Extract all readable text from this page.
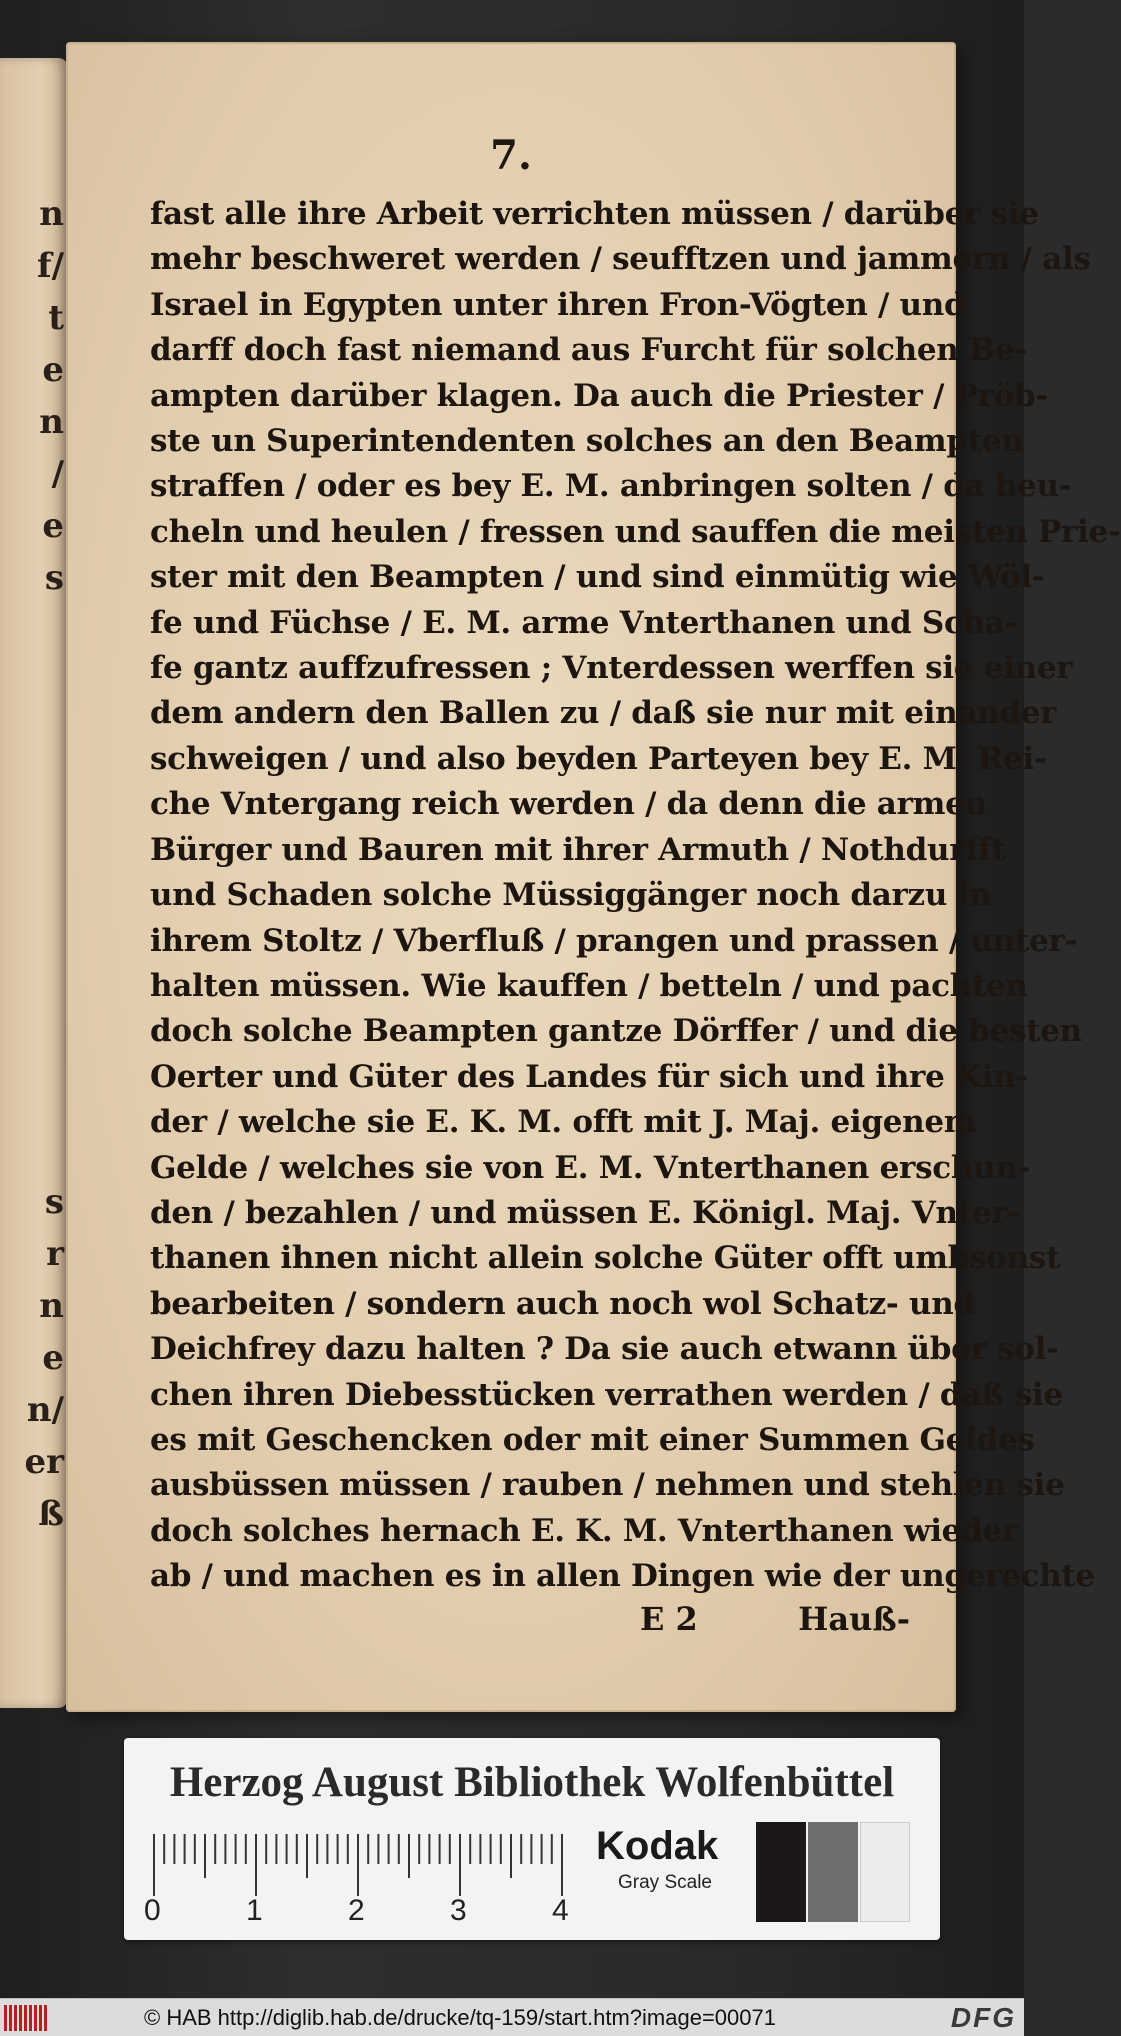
n
f/
t
e
n
/
e
s

s
r
n
e
n/
er
ß
7.
fast alle ihre Arbeit verrichten müssen / darüber sie
mehr beschweret werden / seufftzen und jammern / als
Israel in Egypten unter ihren Fron-Vögten / und
darff doch fast niemand aus Furcht für solchen Be-
ampten darüber klagen. Da auch die Priester / Pröb-
ste un Superintendenten solches an den Beampten
straffen / oder es bey E. M. anbringen solten / da heu-
cheln und heulen / fressen und sauffen die meisten Prie-
ster mit den Beampten / und sind einmütig wie Wöl-
fe und Füchse / E. M. arme Vnterthanen und Scha-
fe gantz auffzufressen ; Vnterdessen werffen sie einer
dem andern den Ballen zu / daß sie nur mit einander
schweigen / und also beyden Parteyen bey E. M. Rei-
che Vntergang reich werden / da denn die armen
Bürger und Bauren mit ihrer Armuth / Nothdurfft
und Schaden solche Müssiggänger noch darzu in
ihrem Stoltz / Vberfluß / prangen und prassen / unter-
halten müssen. Wie kauffen / betteln / und pachten
doch solche Beampten gantze Dörffer / und die besten
Oerter und Güter des Landes für sich und ihre Kin-
der / welche sie E. K. M. offt mit J. Maj. eigenem
Gelde / welches sie von E. M. Vnterthanen erschun-
den / bezahlen / und müssen E. Königl. Maj. Vnter-
thanen ihnen nicht allein solche Güter offt umbsonst
bearbeiten / sondern auch noch wol Schatz- und
Deichfrey dazu halten ? Da sie auch etwann über sol-
chen ihren Diebesstücken verrathen werden / daß sie
es mit Geschencken oder mit einer Summen Geldes
ausbüssen müssen / rauben / nehmen und stehlen sie
doch solches hernach E. K. M. Vnterthanen wieder
ab / und machen es in allen Dingen wie der ungerechte
E 2	Hauß-
Herzog August Bibliothek Wolfenbüttel
0	1	2	3	4
Kodak
Gray Scale
© HAB http://diglib.hab.de/drucke/tq-159/start.htm?image=00071	DFG
